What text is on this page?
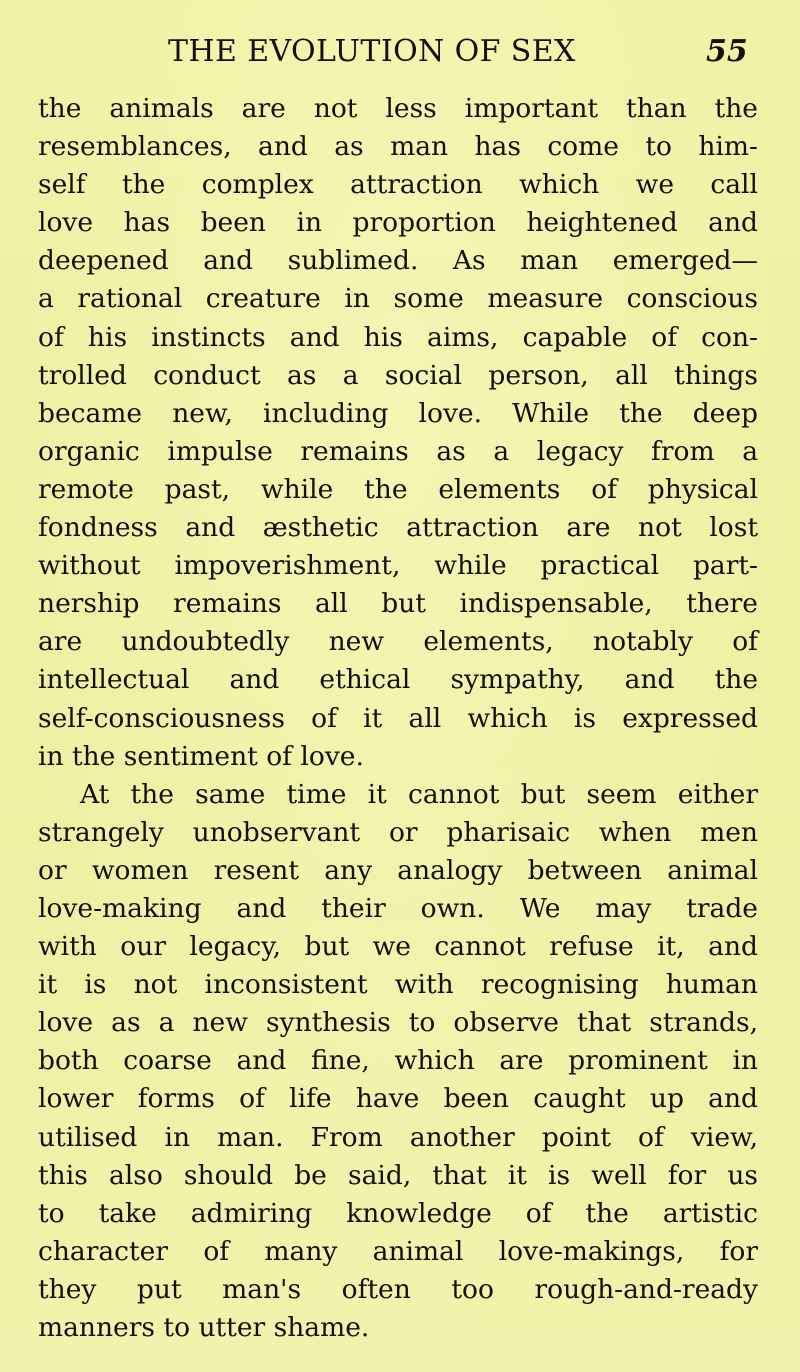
THE EVOLUTION OF SEX	55
the animals are not less important than the
resemblances, and as man has come to him-
self the complex attraction which we call
love has been in proportion heightened and
deepened and sublimed. As man emerged—
a rational creature in some measure conscious
of his instincts and his aims, capable of con-
trolled conduct as a social person, all things
became new, including love. While the deep
organic impulse remains as a legacy from a
remote past, while the elements of physical
fondness and æsthetic attraction are not lost
without impoverishment, while practical part-
nership remains all but indispensable, there
are undoubtedly new elements, notably of
intellectual and ethical sympathy, and the
self-consciousness of it all which is expressed
in the sentiment of love.
At the same time it cannot but seem either
strangely unobservant or pharisaic when men
or women resent any analogy between animal
love-making and their own. We may trade
with our legacy, but we cannot refuse it, and
it is not inconsistent with recognising human
love as a new synthesis to observe that strands,
both coarse and fine, which are prominent in
lower forms of life have been caught up and
utilised in man. From another point of view,
this also should be said, that it is well for us
to take admiring knowledge of the artistic
character of many animal love-makings, for
they put man's often too rough-and-ready
manners to utter shame.
